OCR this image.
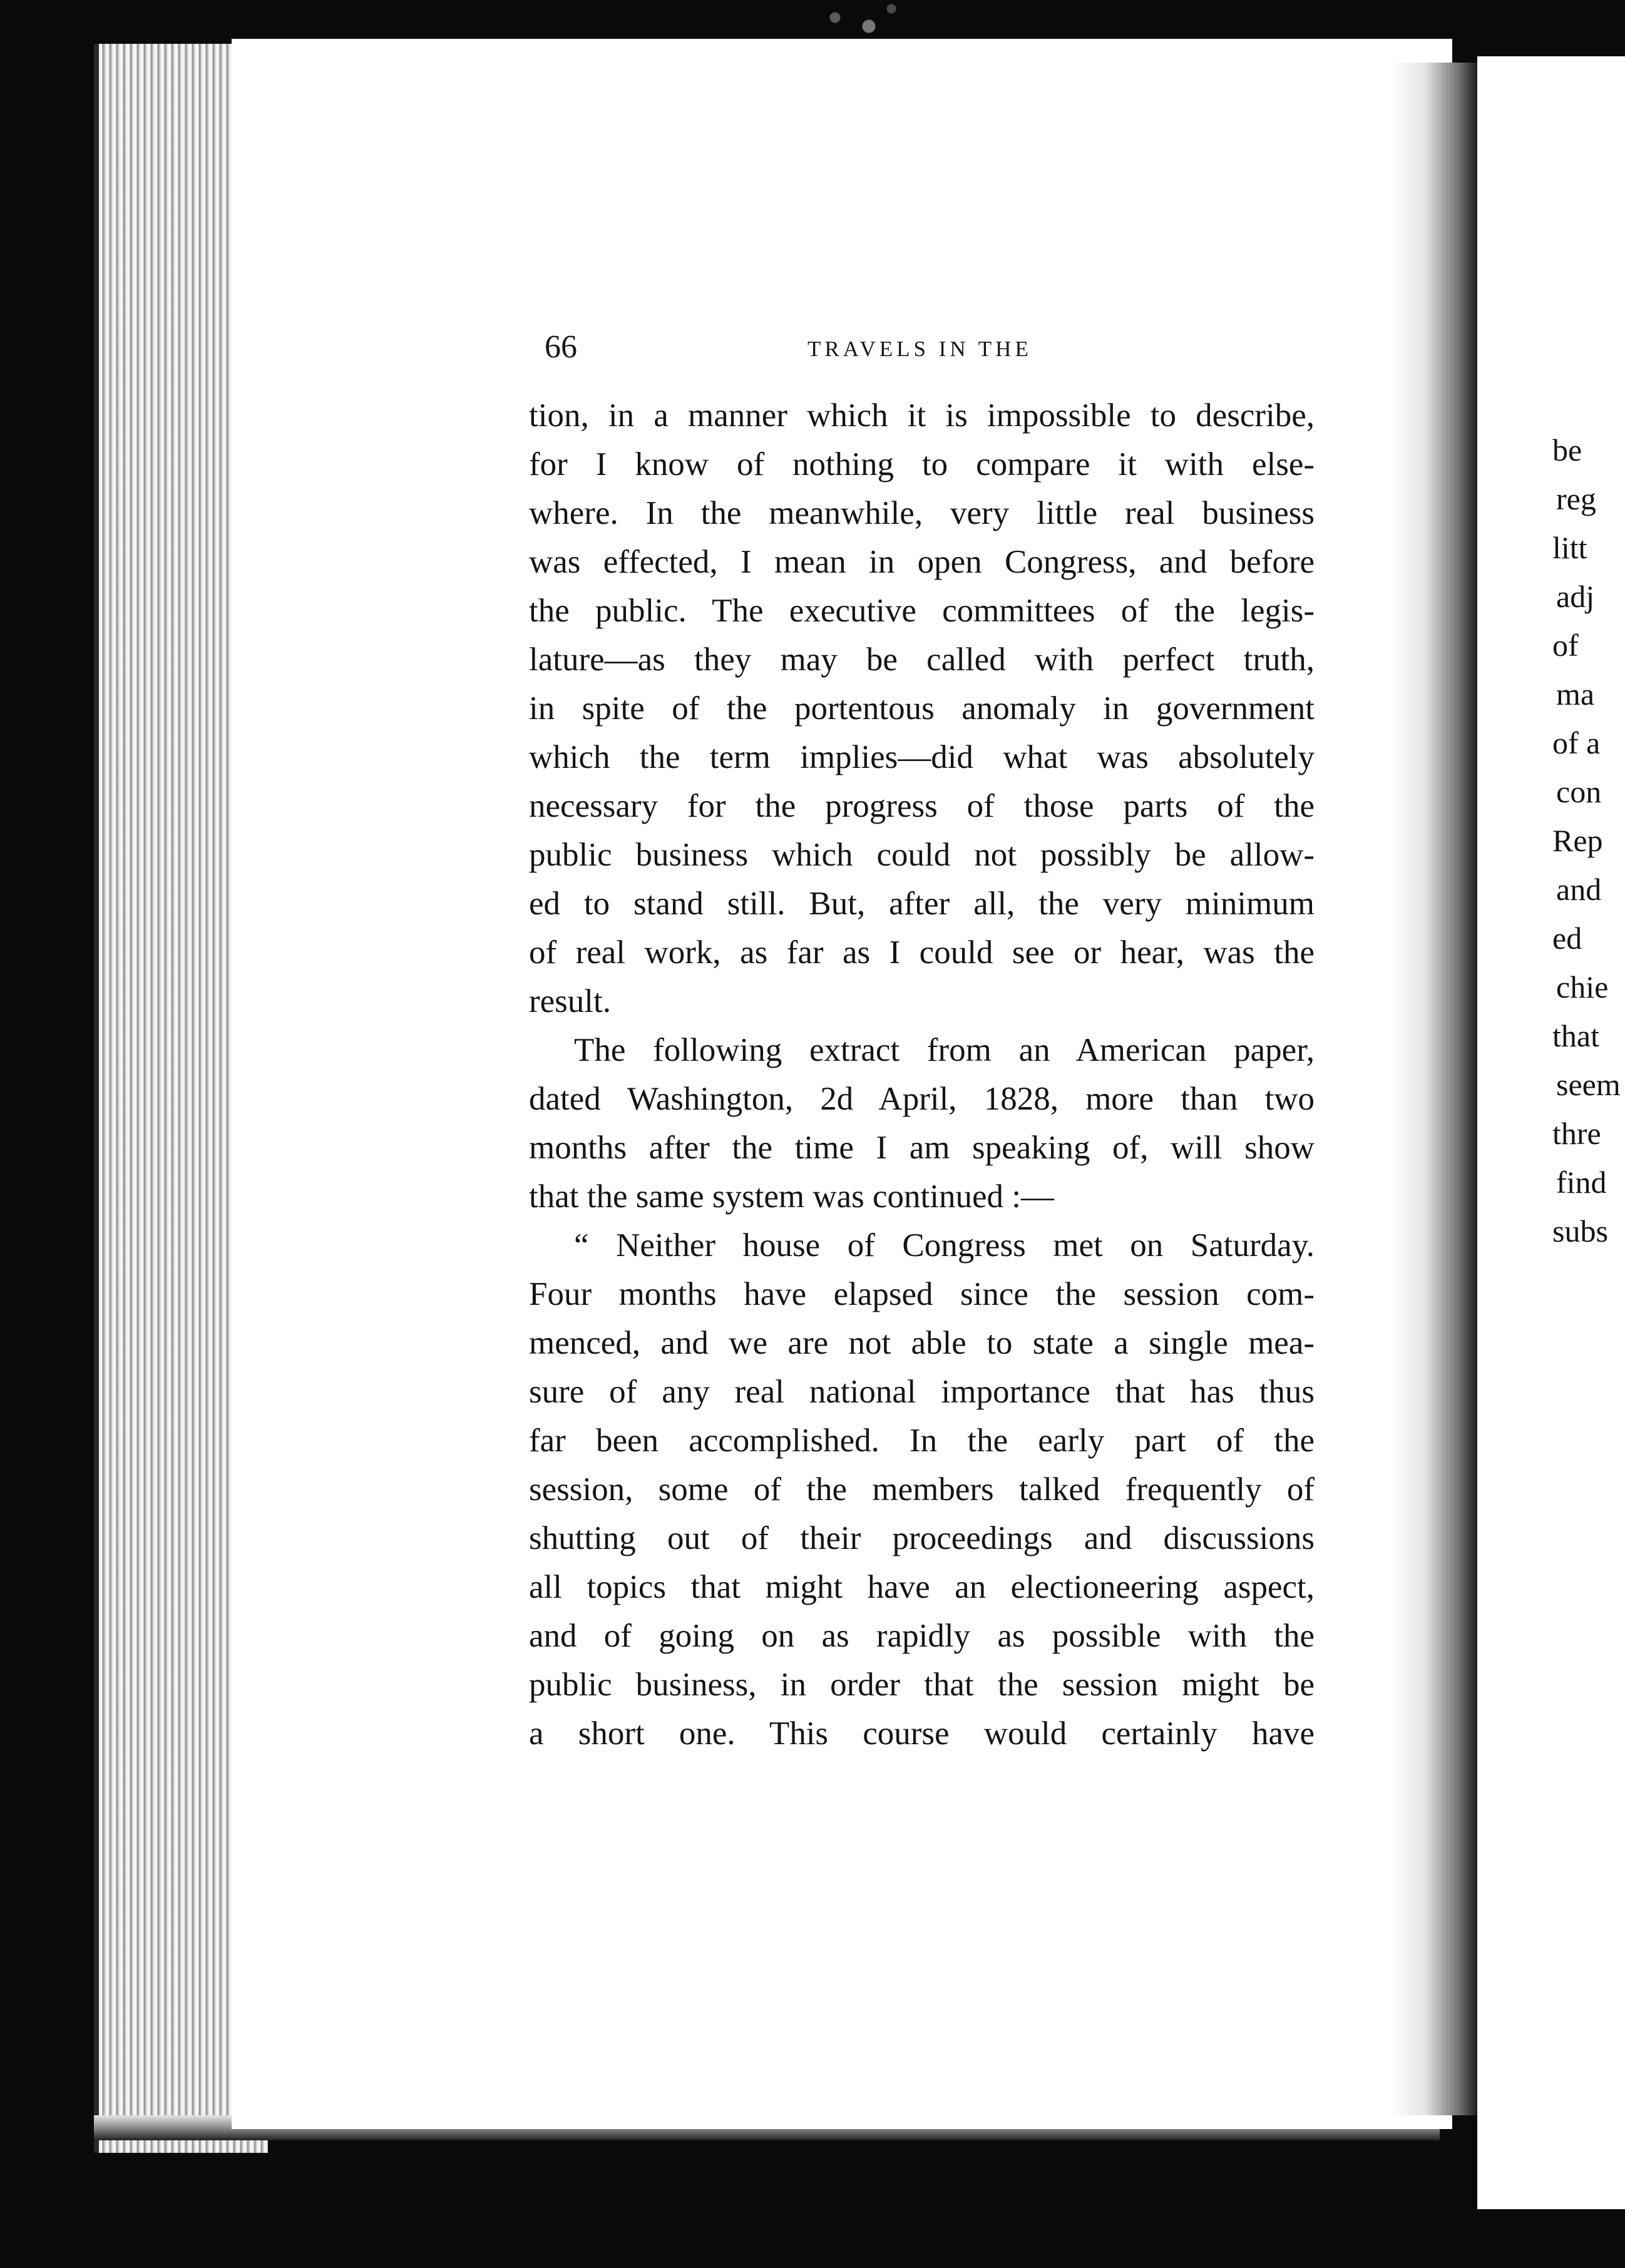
66	TRAVELS IN THE
tion, in a manner which it is impossible to describe,
for I know of nothing to compare it with else-
where. In the meanwhile, very little real business
was effected, I mean in open Congress, and before
the public. The executive committees of the legis-
lature—as they may be called with perfect truth,
in spite of the portentous anomaly in government
which the term implies—did what was absolutely
necessary for the progress of those parts of the
public business which could not possibly be allow-
ed to stand still. But, after all, the very minimum
of real work, as far as I could see or hear, was the
result.
The following extract from an American paper,
dated Washington, 2d April, 1828, more than two
months after the time I am speaking of, will show
that the same system was continued :—
“ Neither house of Congress met on Saturday.
Four months have elapsed since the session com-
menced, and we are not able to state a single mea-
sure of any real national importance that has thus
far been accomplished. In the early part of the
session, some of the members talked frequently of
shutting out of their proceedings and discussions
all topics that might have an electioneering aspect,
and of going on as rapidly as possible with the
public business, in order that the session might be
a short one. This course would certainly have
be
reg
litt
adj
of
ma
of a
con
Rep
and
ed
chie
that
seem
thre
find
subs
